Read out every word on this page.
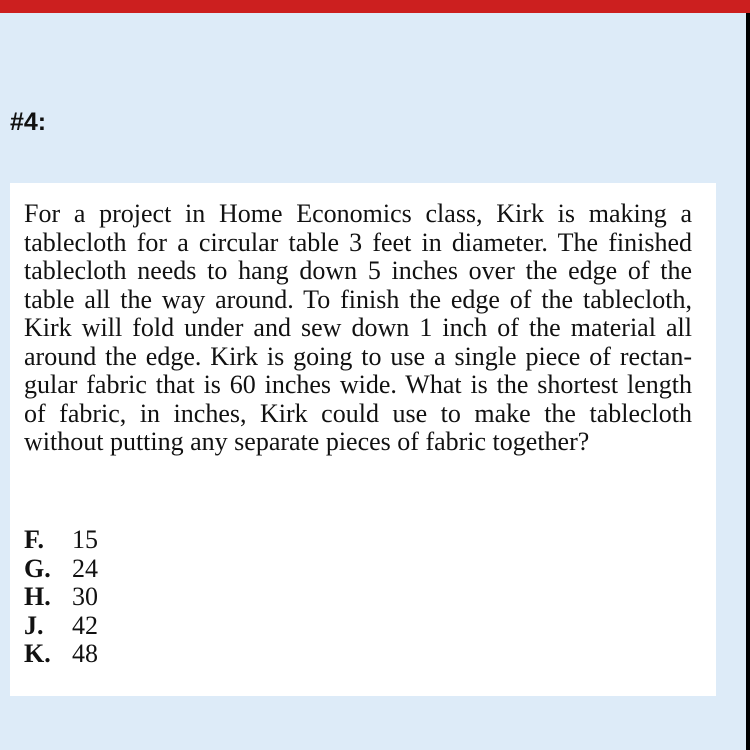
#4:

For a project in Home Economics class, Kirk is making a tablecloth for a circular table 3 feet in diameter. The finished tablecloth needs to hang down 5 inches over the edge of the table all the way around. To finish the edge of the tablecloth, Kirk will fold under and sew down 1 inch of the material all around the edge. Kirk is going to use a single piece of rectan-gular fabric that is 60 inches wide. What is the shortest length of fabric, in inches, Kirk could use to make the tablecloth without putting any separate pieces of fabric together?

F.	15
G. 24
H. 30
J.	42
K. 48
